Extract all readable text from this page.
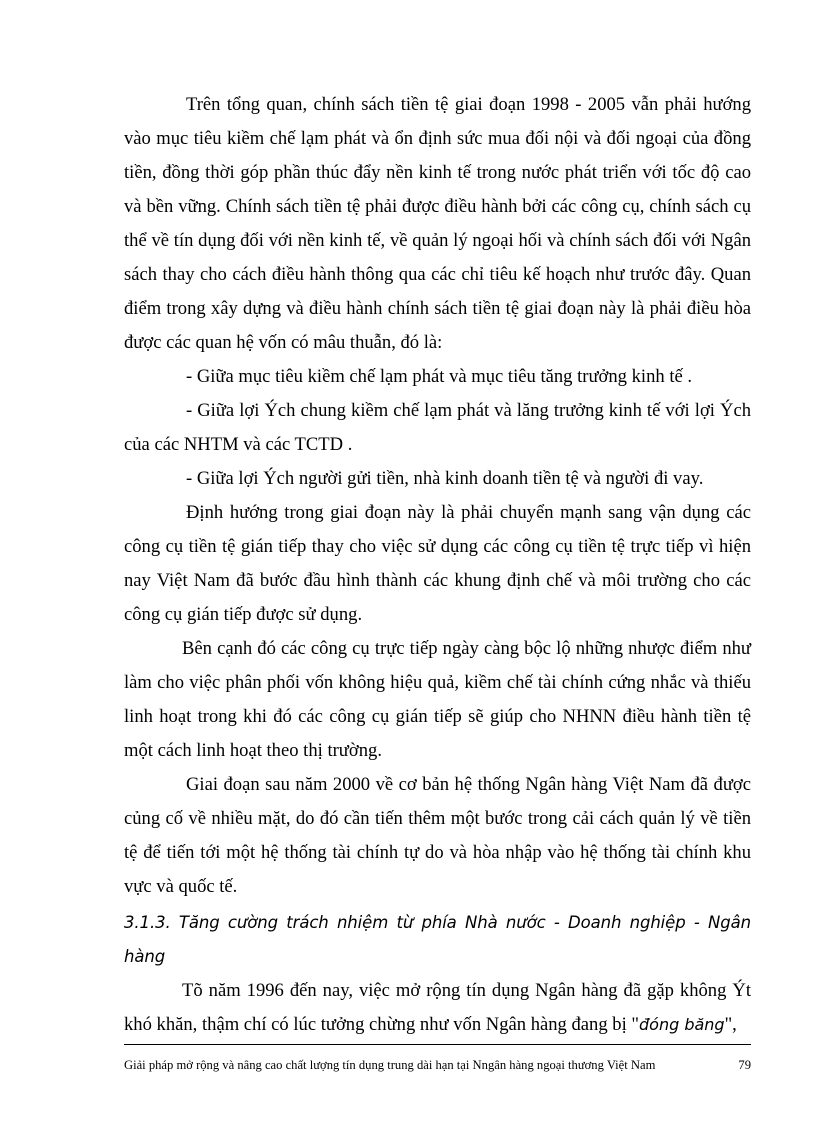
Trên tổng quan, chính sách tiền tệ giai đoạn 1998 - 2005 vẫn phải hướng vào mục tiêu kiềm chế lạm phát và ổn định sức mua đối nội và đối ngoại của đồng tiền, đồng thời góp phần thúc đẩy nền kinh tế trong nước phát triển với tốc độ cao và bền vững. Chính sách tiền tệ phải được điều hành bởi các công cụ, chính sách cụ thể về tín dụng đối với nền kinh tế, về quản lý ngoại hối và chính sách đối với Ngân sách thay cho cách điều hành thông qua các chỉ tiêu kế hoạch như trước đây. Quan điểm trong xây dựng và điều hành chính sách tiền tệ giai đoạn này là phải điều hòa được các quan hệ vốn có mâu thuẫn, đó là:

- Giữa mục tiêu kiềm chế lạm phát và mục tiêu tăng trưởng kinh tế .

- Giữa lợi Ých chung kiềm chế lạm phát và lăng trưởng kinh tế với lợi Ých của các NHTM và các TCTD .

- Giữa lợi Ých người gửi tiền, nhà kinh doanh tiền tệ và người đi vay.

Định hướng trong giai đoạn này là phải chuyển mạnh sang vận dụng các công cụ tiền tệ gián tiếp thay cho việc sử dụng các công cụ tiền tệ trực tiếp vì hiện nay Việt Nam đã bước đầu hình thành các khung định chế và môi trường cho các công cụ gián tiếp được sử dụng.

Bên cạnh đó các công cụ trực tiếp ngày càng bộc lộ những nhược điểm như làm cho việc phân phối vốn không hiệu quả, kiềm chế tài chính cứng nhắc và thiếu linh hoạt trong khi đó các công cụ gián tiếp sẽ giúp cho NHNN điều hành tiền tệ một cách linh hoạt theo thị trường.

Giai đoạn sau năm 2000 về cơ bản hệ thống Ngân hàng Việt Nam đã được củng cố về nhiều mặt, do đó cần tiến thêm một bước trong cải cách quản lý về tiền tệ để tiến tới một hệ thống tài chính tự do và hòa nhập vào hệ thống tài chính khu vực và quốc tế.

3.1.3. Tăng cường trách nhiệm từ phía Nhà nước - Doanh nghiệp - Ngân hàng

Tõ năm 1996 đến nay, việc mở rộng tín dụng Ngân hàng đã gặp không Ýt khó khăn, thậm chí có lúc tưởng chừng như vốn Ngân hàng đang bị "đóng băng",

Giải pháp mở rộng và nâng cao chất lượng tín dụng trung dài hạn tại Nngân hàng ngoại thương Việt Nam	79
